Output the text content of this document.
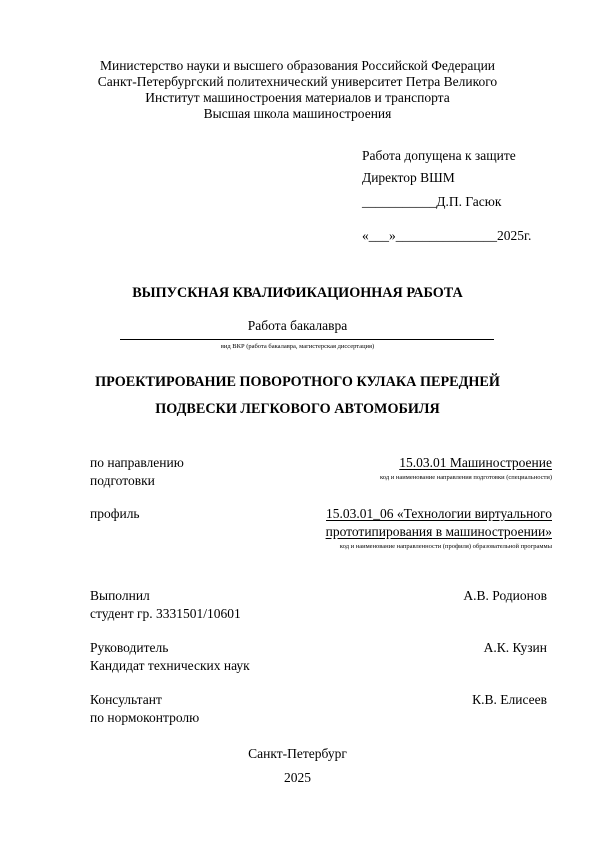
Министерство науки и высшего образования Российской Федерации
Санкт-Петербургский политехнический университет Петра Великого
Институт машиностроения материалов и транспорта
Высшая школа машиностроения
Работа допущена к защите
Директор ВШМ
___________Д.П. Гасюк
«___»_______________2025г.
ВЫПУСКНАЯ КВАЛИФИКАЦИОННАЯ РАБОТА
Работа бакалавра
вид ВКР (работа бакалавра, магистерская диссертация)
ПРОЕКТИРОВАНИЕ ПОВОРОТНОГО КУЛАКА ПЕРЕДНЕЙ
ПОДВЕСКИ ЛЕГКОВОГО АВТОМОБИЛЯ
по направлению
подготовки
15.03.01 Машиностроение
код и наименование направления подготовки (специальности)
профиль	15.03.01_06 «Технологии виртуального
прототипирования в машиностроении»
код и наименование направленности (профиля) образовательной программы
Выполнил
студент гр. 3331501/10601
А.В. Родионов
Руководитель
Кандидат технических наук
А.К. Кузин
Консультант
по нормоконтролю
К.В. Елисеев
Санкт-Петербург
2025
